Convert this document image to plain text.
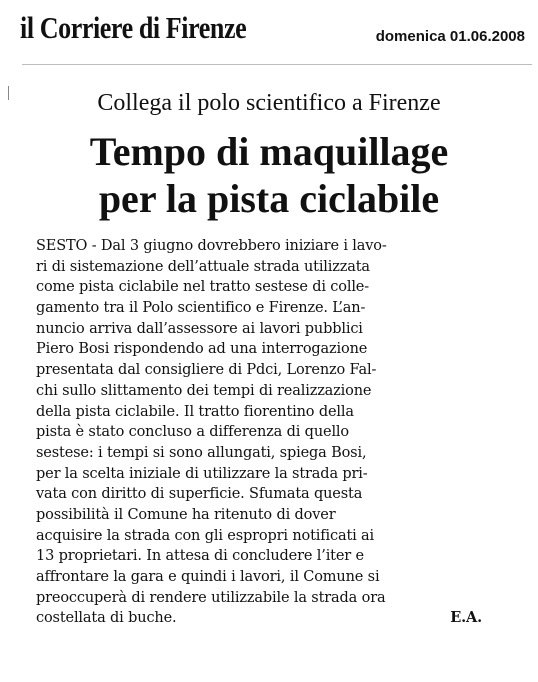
il Corriere di Firenze	domenica 01.06.2008
Collega il polo scientifico a Firenze
Tempo di maquillage
per la pista ciclabile
SESTO - Dal 3 giugno dovrebbero iniziare i lavo-
ri di sistemazione dell’attuale strada utilizzata
come pista ciclabile nel tratto sestese di colle-
gamento tra il Polo scientifico e Firenze. L’an-
nuncio arriva dall’assessore ai lavori pubblici
Piero Bosi rispondendo ad una interrogazione
presentata dal consigliere di Pdci, Lorenzo Fal-
chi sullo slittamento dei tempi di realizzazione
della pista ciclabile. Il tratto fiorentino della
pista è stato concluso a differenza di quello
sestese: i tempi si sono allungati, spiega Bosi,
per la scelta iniziale di utilizzare la strada pri-
vata con diritto di superficie. Sfumata questa
possibilità il Comune ha ritenuto di dover
acquisire la strada con gli espropri notificati ai
13 proprietari. In attesa di concludere l’iter e
affrontare la gara e quindi i lavori, il Comune si
preoccuperà di rendere utilizzabile la strada ora
costellata di buche.	E.A.
